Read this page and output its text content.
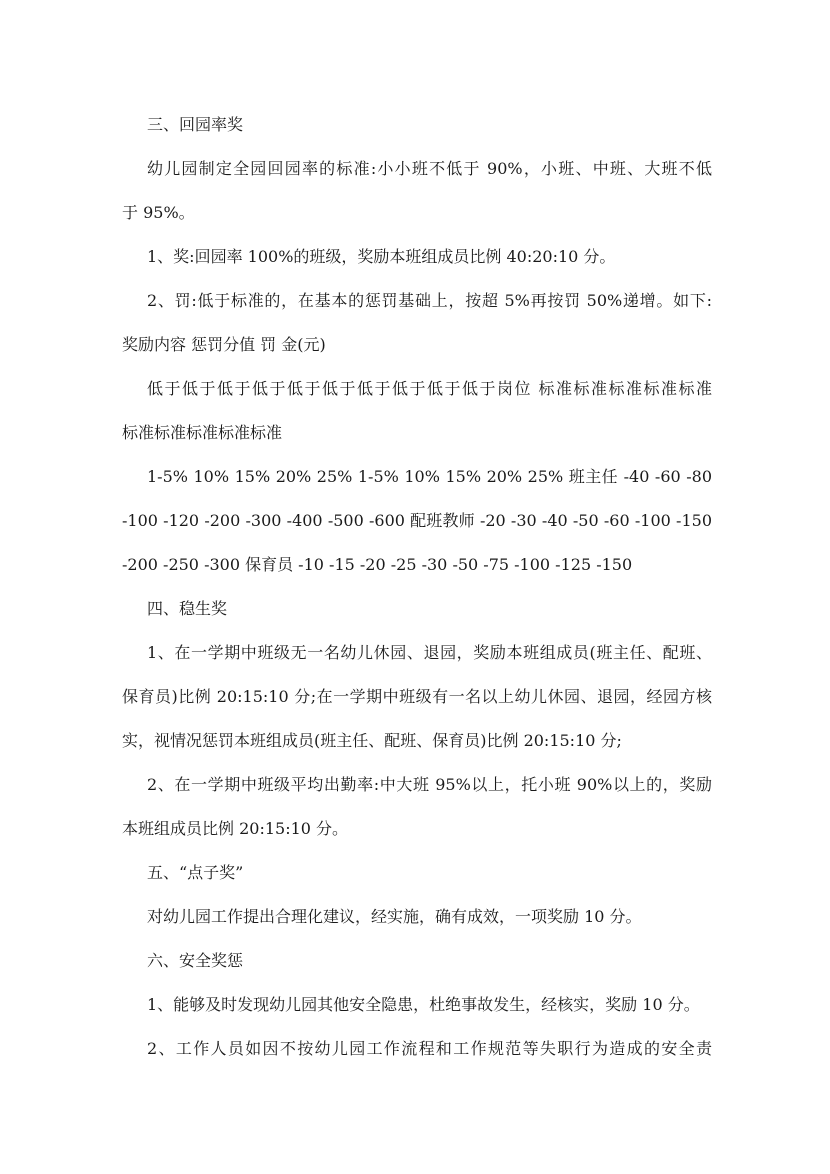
三、回园率奖
幼儿园制定全园回园率的标准:小小班不低于 90%，小班、中班、大班不低
于 95%。
1、奖:回园率 100%的班级，奖励本班组成员比例 40:20:10 分。
2、罚:低于标准的，在基本的惩罚基础上，按超 5%再按罚 50%递增。如下:
奖励内容 惩罚分值 罚 金(元)
低于低于低于低于低于低于低于低于低于低于岗位 标准标准标准标准标准
标准标准标准标准标准
1-5% 10% 15% 20% 25% 1-5% 10% 15% 20% 25% 班主任 -40 -60 -80
-100 -120 -200 -300 -400 -500 -600 配班教师 -20 -30 -40 -50 -60 -100 -150
-200 -250 -300 保育员 -10 -15 -20 -25 -30 -50 -75 -100 -125 -150
四、稳生奖
1、在一学期中班级无一名幼儿休园、退园，奖励本班组成员(班主任、配班、
保育员)比例 20:15:10 分;在一学期中班级有一名以上幼儿休园、退园，经园方核
实，视情况惩罚本班组成员(班主任、配班、保育员)比例 20:15:10 分;
2、在一学期中班级平均出勤率:中大班 95%以上，托小班 90%以上的，奖励
本班组成员比例 20:15:10 分。
五、“点子奖”
对幼儿园工作提出合理化建议，经实施，确有成效，一项奖励 10 分。
六、安全奖惩
1、能够及时发现幼儿园其他安全隐患，杜绝事故发生，经核实，奖励 10 分。
2、工作人员如因不按幼儿园工作流程和工作规范等失职行为造成的安全责
